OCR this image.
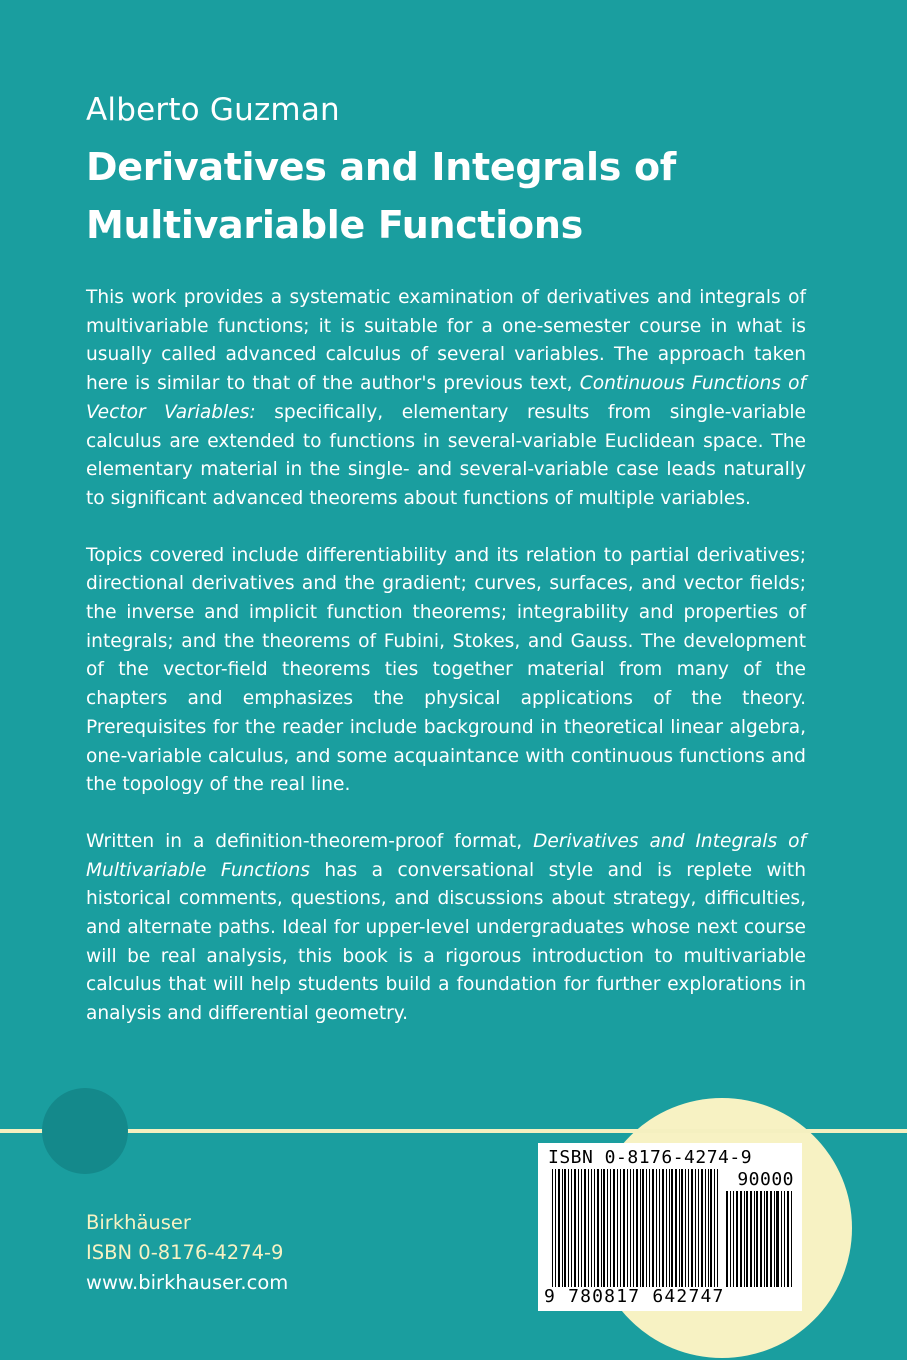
Alberto Guzman
Derivatives and Integrals of
Multivariable Functions

This work provides a systematic examination of derivatives and integrals of multivariable functions; it is suitable for a one-semester course in what is usually called advanced calculus of several variables. The approach taken here is similar to that of the author's previous text, Continuous Functions of Vector Variables: specifically, elementary results from single-variable calculus are extended to functions in several-variable Euclidean space. The elementary material in the single- and several-variable case leads naturally to significant advanced theorems about functions of multiple variables.

Topics covered include differentiability and its relation to partial derivatives; directional derivatives and the gradient; curves, surfaces, and vector fields; the inverse and implicit function theorems; integrability and properties of integrals; and the theorems of Fubini, Stokes, and Gauss. The development of the vector-field theorems ties together material from many of the chapters and emphasizes the physical applications of the theory. Prerequisites for the reader include background in theoretical linear algebra, one-variable calculus, and some acquaintance with continuous functions and the topology of the real line.

Written in a definition-theorem-proof format, Derivatives and Integrals of Multivariable Functions has a conversational style and is replete with historical comments, questions, and discussions about strategy, difficulties, and alternate paths. Ideal for upper-level undergraduates whose next course will be real analysis, this book is a rigorous introduction to multivariable calculus that will help students build a foundation for further explorations in analysis and differential geometry.

ISBN 0-8176-4274-9
90000
9 780817 642747
Birkhäuser
ISBN 0-8176-4274-9
www.birkhauser.com
